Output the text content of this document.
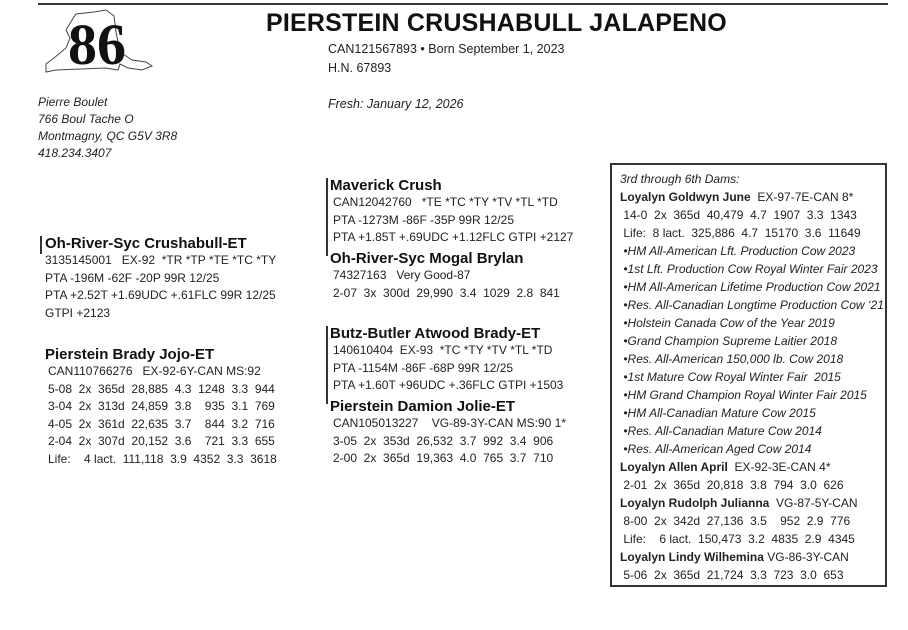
86	PIERSTEIN CRUSHABULL JALAPENO
CAN121567893 • Born September 1, 2023
H.N. 67893
Fresh: January 12, 2026
Pierre Boulet
766 Boul Tache O
Montmagny, QC G5V 3R8
418.234.3407
Oh-River-Syc Crushabull-ET
3135145001   EX-92  *TR *TP *TE *TC *TY
PTA -196M -62F -20P 99R 12/25
PTA +2.52T +1.69UDC +.61FLC 99R 12/25
GTPI +2123
Pierstein Brady Jojo-ET
CAN110766276   EX-92-6Y-CAN MS:92
5-08  2x  365d  28,885  4.3  1248  3.3  944
3-04  2x  313d  24,859  3.8    935  3.1  769
4-05  2x  361d  22,635  3.7    844  3.2  716
2-04  2x  307d  20,152  3.6    721  3.3  655
Life:    4 lact.  111,118  3.9  4352  3.3  3618
Maverick Crush
CAN12042760   *TE *TC *TY *TV *TL *TD
PTA -1273M -86F -35P 99R 12/25
PTA +1.85T +.69UDC +1.12FLC GTPI +2127
Oh-River-Syc Mogal Brylan
74327163   Very Good-87
2-07  3x  300d  29,990  3.4  1029  2.8  841
Butz-Butler Atwood Brady-ET
140610404  EX-93  *TC *TY *TV *TL *TD
PTA -1154M -86F -68P 99R 12/25
PTA +1.60T +96UDC +.36FLC GTPI +1503
Pierstein Damion Jolie-ET
CAN105013227    VG-89-3Y-CAN MS:90 1*
3-05  2x  353d  26,532  3.7  992  3.4  906
2-00  2x  365d  19,363  4.0  765  3.7  710
3rd through 6th Dams:
Loyalyn Goldwyn June  EX-97-7E-CAN 8*
14-0  2x  365d  40,479  4.7  1907  3.3  1343
Life:  8 lact.  325,886  4.7  15170  3.6  11649
•HM All-American Lft. Production Cow 2023
•1st Lft. Production Cow Royal Winter Fair 2023
•HM All-American Lifetime Production Cow 2021
•Res. All-Canadian Longtime Production Cow ‘21
•Holstein Canada Cow of the Year 2019
•Grand Champion Supreme Laitier 2018
•Res. All-American 150,000 lb. Cow 2018
•1st Mature Cow Royal Winter Fair  2015
•HM Grand Champion Royal Winter Fair 2015
•HM All-Canadian Mature Cow 2015
•Res. All-Canadian Mature Cow 2014
•Res. All-American Aged Cow 2014
Loyalyn Allen April  EX-92-3E-CAN 4*
2-01  2x  365d  20,818  3.8  794  3.0  626
Loyalyn Rudolph Julianna  VG-87-5Y-CAN
8-00  2x  342d  27,136  3.5    952  2.9  776
Life:    6 lact.  150,473  3.2  4835  2.9  4345
Loyalyn Lindy Wilhemina VG-86-3Y-CAN
5-06  2x  365d  21,724  3.3  723  3.0  653
